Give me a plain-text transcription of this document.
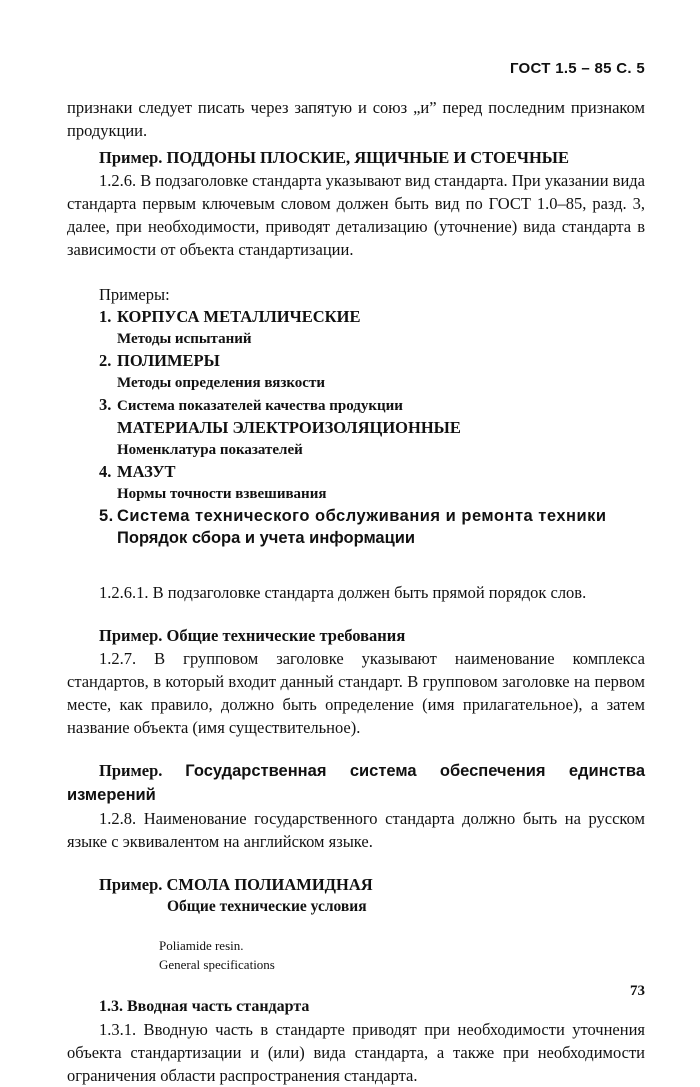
ГОСТ 1.5 – 85 С. 5

признаки следует писать через запятую и союз „и” перед последним признаком продукции.

Пример. ПОДДОНЫ ПЛОСКИЕ, ЯЩИЧНЫЕ И СТОЕЧНЫЕ

1.2.6. В подзаголовке стандарта указывают вид стандарта. При указании вида стандарта первым ключевым словом должен быть вид по ГОСТ 1.0–85, разд. 3, далее, при необходимости, приводят детализацию (уточнение) вида стандарта в зависимости от объекта стандартизации.

Примеры:
1. КОРПУСА МЕТАЛЛИЧЕСКИЕ
Методы испытаний
2. ПОЛИМЕРЫ
Методы определения вязкости
3. Система показателей качества продукции
МАТЕРИАЛЫ ЭЛЕКТРОИЗОЛЯЦИОННЫЕ
Номенклатура показателей
4. МАЗУТ
Нормы точности взвешивания
5. Система технического обслуживания и ремонта техники
Порядок сбора и учета информации

1.2.6.1. В подзаголовке стандарта должен быть прямой порядок слов.

Пример. Общие технические требования

1.2.7. В групповом заголовке указывают наименование комплекса стандартов, в который входит данный стандарт. В групповом заголовке на первом месте, как правило, должно быть определение (имя прилагательное), а затем название объекта (имя существительное).

Пример. Государственная система обеспечения единства измерений

1.2.8. Наименование государственного стандарта должно быть на русском языке с эквивалентом на английском языке.

Пример. СМОЛА ПОЛИАМИДНАЯ

Общие технические условия
Poliamide resin.
General specifications
1.3. Вводная часть стандарта

1.3.1. Вводную часть в стандарте приводят при необходимости уточнения объекта стандартизации и (или) вида стандарта, а также при необходимости ограничения области распространения стандарта.

73
